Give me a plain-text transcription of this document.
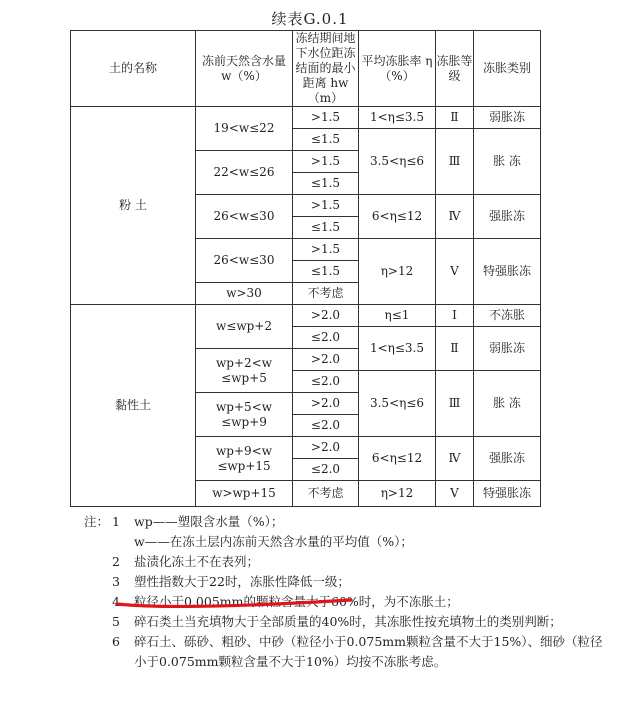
续表G.0.1
土的名称	冻前天然含水量 w（%）	冻结期间地下水位距冻结面的最小距离 hw（m）	平均冻胀率 η（%）	冻胀等级	冻胀类别
粉 土	19<w≤22	>1.5	1<η≤3.5	Ⅱ	弱胀冻
		≤1.5	3.5<η≤6	Ⅲ	胀 冻
	22<w≤26	>1.5			
		≤1.5			
	26<w≤30	>1.5	6<η≤12	Ⅳ	强胀冻
		≤1.5			
	26<w≤30	>1.5	η>12	Ⅴ	特强胀冻
		≤1.5			
	w>30	不考虑			
黏性土	w≤wp+2	>2.0	η≤1	Ⅰ	不冻胀
		≤2.0	1<η≤3.5	Ⅱ	弱胀冻
	wp+2<w ≤wp+5	>2.0			
		≤2.0	3.5<η≤6	Ⅲ	胀 冻
	wp+5<w ≤wp+9	>2.0			
		≤2.0			
	wp+9<w ≤wp+15	>2.0	6<η≤12	Ⅳ	强胀冻
		≤2.0			
	w>wp+15	不考虑	η>12	Ⅴ	特强胀冻
注： 1	wp——塑限含水量（%）；
w——在冻土层内冻前天然含水量的平均值（%）；
2	盐渍化冻土不在表列；
3	塑性指数大于22时，冻胀性降低一级；
4	粒径小于0.005mm的颗粒含量大于60%时，为不冻胀土；
5	碎石类土当充填物大于全部质量的40%时，其冻胀性按充填物土的类别判断；
6	碎石土、砾砂、粗砂、中砂（粒径小于0.075mm颗粒含量不大于15%）、细砂（粒径小于0.075mm颗粒含量不大于10%）均按不冻胀考虑。
